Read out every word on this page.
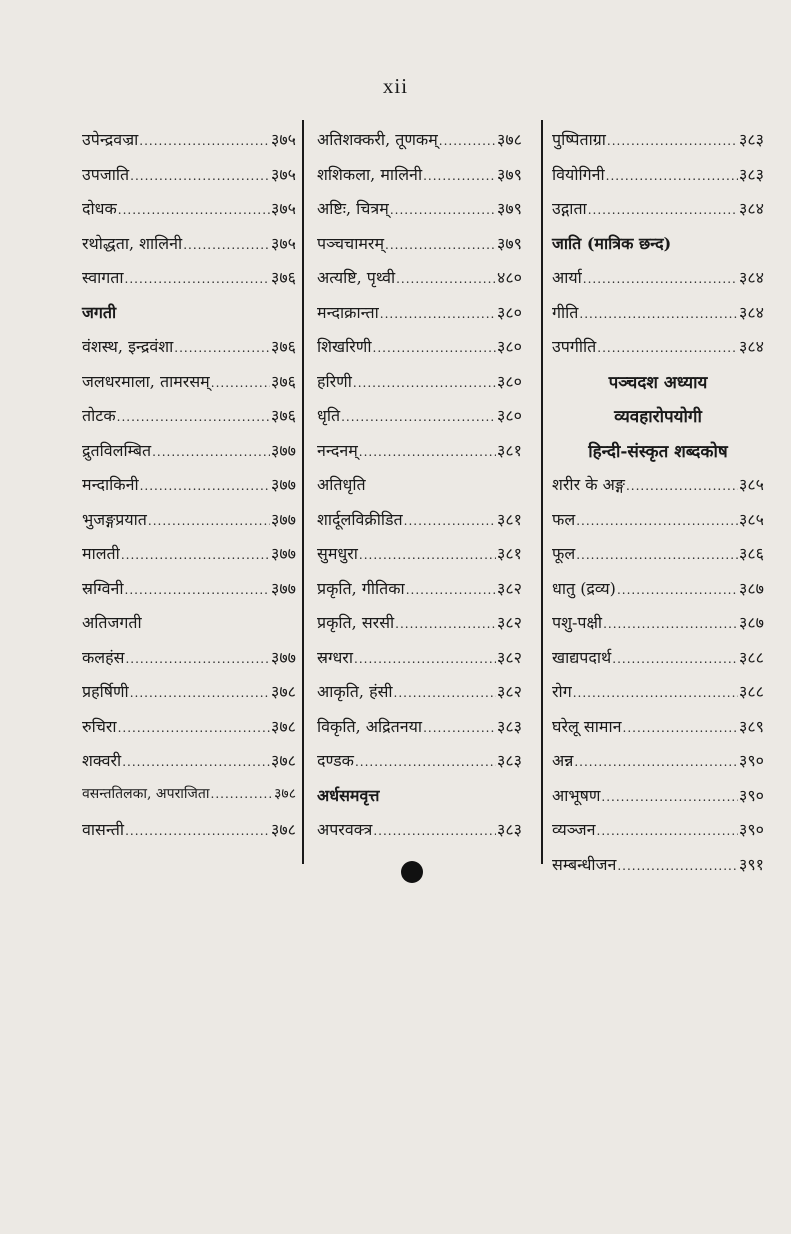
xii
उपेन्द्रवज्रा .....	३७५
उपजाति .....	३७५
दोधक .....	३७५
रथोद्धता, शालिनी .....	३७५
स्वागता .....	३७६
जगती
वंशस्थ, इन्द्रवंशा .....	३७६
जलधरमाला, तामरसम् .....	३७६
तोटक .....	३७६
द्रुतविलम्बित .....	३७७
मन्दाकिनी .....	३७७
भुजङ्गप्रयात .....	३७७
मालती .....	३७७
स्रग्विनी .....	३७७
अतिजगती
कलहंस .....	३७७
प्रहर्षिणी .....	३७८
रुचिरा .....	३७८
शक्वरी .....	३७८
वसन्ततिलका, अपराजिता .....	३७८
वासन्ती .....	३७८
अतिशक्करी, तूणकम् .....	३७८
शशिकला, मालिनी .....	३७९
अष्टिः, चित्रम् .....	३७९
पञ्चचामरम् .....	३७९
अत्यष्टि, पृथ्वी .....	४८०
मन्दाक्रान्ता .....	३८०
शिखरिणी .....	३८०
हरिणी .....	३८०
धृति .....	३८०
नन्दनम् .....	३८१
अतिधृति
शार्दूलविक्रीडित .....	३८१
सुमधुरा .....	३८१
प्रकृति, गीतिका .....	३८२
प्रकृति, सरसी .....	३८२
स्रग्धरा .....	३८२
आकृति, हंसी .....	३८२
विकृति, अद्रितनया .....	३८३
दण्डक .....	३८३
अर्धसमवृत्त
अपरवक्त्र .....	३८३
पुष्पिताग्रा .....	३८३
वियोगिनी .....	३८३
उद्गाता .....	३८४
जाति (मात्रिक छन्द)
आर्या .....	३८४
गीति .....	३८४
उपगीति .....	३८४
पञ्चदश अध्याय
व्यवहारोपयोगी
हिन्दी-संस्कृत शब्दकोष
शरीर के अङ्ग .....	३८५
फल .....	३८५
फूल .....	३८६
धातु (द्रव्य) .....	३८७
पशु-पक्षी .....	३८७
खाद्यपदार्थ .....	३८८
रोग .....	३८८
घरेलू सामान .....	३८९
अन्न .....	३९०
आभूषण .....	३९०
व्यञ्जन .....	३९०
सम्बन्धीजन .....	३९१
